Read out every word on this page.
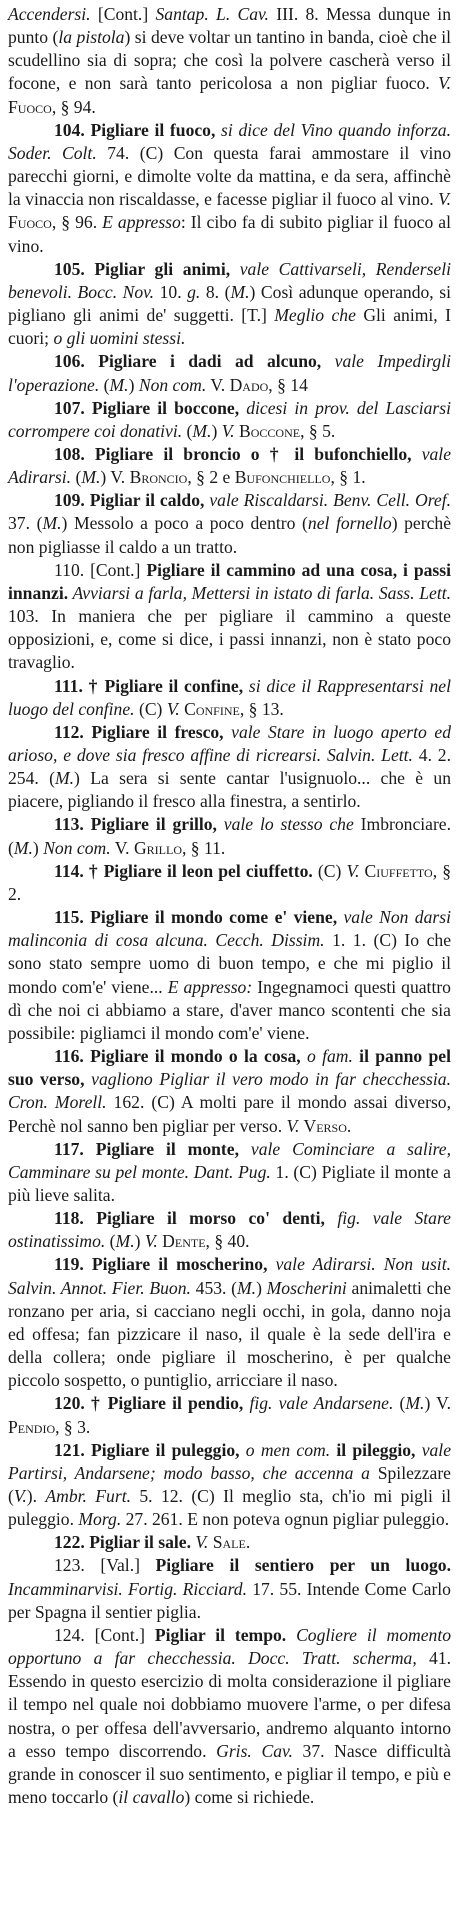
Accendersi. [Cont.] Santap. L. Cav. III. 8. Messa dunque in punto (la pistola) si deve voltar un tantino in banda, cioè che il scudellino sia di sopra; che così la polvere cascherà verso il focone, e non sarà tanto pericolosa a non pigliar fuoco. V. Fuoco, § 94.

104. Pigliare il fuoco, si dice del Vino quando inforza. Soder. Colt. 74. (C) Con questa farai ammostare il vino parecchi giorni, e dimolte volte da mattina, e da sera, affinchè la vinaccia non riscaldasse, e facesse pigliar il fuoco al vino. V. Fuoco, § 96. E appresso: Il cibo fa di subito pigliar il fuoco al vino.

105. Pigliar gli animi, vale Cattivarseli, Renderseli benevoli. Bocc. Nov. 10. g. 8. (M.) Così adunque operando, si pigliano gli animi de' suggetti. [T.] Meglio che Gli animi, I cuori; o gli uomini stessi.

106. Pigliare i dadi ad alcuno, vale Impedirgli l'operazione. (M.) Non com. V. Dado, § 14

107. Pigliare il boccone, dicesi in prov. del Lasciarsi corrompere coi donativi. (M.) V. Boccone, § 5.

108. Pigliare il broncio o † il bufonchiello, vale Adirarsi. (M.) V. Broncio, § 2 e Bufonchiello, § 1.

109. Pigliar il caldo, vale Riscaldarsi. Benv. Cell. Oref. 37. (M.) Messolo a poco a poco dentro (nel fornello) perchè non pigliasse il caldo a un tratto.

110. [Cont.] Pigliare il cammino ad una cosa, i passi innanzi. Avviarsi a farla, Mettersi in istato di farla. Sass. Lett. 103. In maniera che per pigliare il cammino a queste opposizioni, e, come si dice, i passi innanzi, non è stato poco travaglio.

111. † Pigliare il confine, si dice il Rappresentarsi nel luogo del confine. (C) V. Confine, § 13.

112. Pigliare il fresco, vale Stare in luogo aperto ed arioso, e dove sia fresco affine di ricrearsi. Salvin. Lett. 4. 2. 254. (M.) La sera si sente cantar l'usignuolo... che è un piacere, pigliando il fresco alla finestra, a sentirlo.

113. Pigliare il grillo, vale lo stesso che Imbronciare. (M.) Non com. V. Grillo, § 11.

114. † Pigliare il leon pel ciuffetto. (C) V. Ciuffetto, § 2.

115. Pigliare il mondo come e' viene, vale Non darsi malinconia di cosa alcuna. Cecch. Dissim. 1. 1. (C) Io che sono stato sempre uomo di buon tempo, e che mi piglio il mondo com'e' viene... E appresso: Ingegnamoci questi quattro dì che noi ci abbiamo a stare, d'aver manco scontenti che sia possibile: pigliamci il mondo com'e' viene.

116. Pigliare il mondo o la cosa, o fam. il panno pel suo verso, vagliono Pigliar il vero modo in far checchessia. Cron. Morell. 162. (C) A molti pare il mondo assai diverso, Perchè nol sanno ben pigliar per verso. V. Verso.

117. Pigliare il monte, vale Cominciare a salire, Camminare su pel monte. Dant. Pug. 1. (C) Pigliate il monte a più lieve salita.

118. Pigliare il morso co' denti, fig. vale Stare ostinatissimo. (M.) V. Dente, § 40.

119. Pigliare il moscherino, vale Adirarsi. Non usit. Salvin. Annot. Fier. Buon. 453. (M.) Moscherini animaletti che ronzano per aria, si cacciano negli occhi, in gola, danno noja ed offesa; fan pizzicare il naso, il quale è la sede dell'ira e della collera; onde pigliare il moscherino, è per qualche piccolo sospetto, o puntiglio, arricciare il naso.

120. † Pigliare il pendio, fig. vale Andarsene. (M.) V. Pendio, § 3.

121. Pigliare il puleggio, o men com. il pileggio, vale Partirsi, Andarsene; modo basso, che accenna a Spilezzare (V.). Ambr. Furt. 5. 12. (C) Il meglio sta, ch'io mi pigli il puleggio. Morg. 27. 261. E non poteva ognun pigliar puleggio.

122. Pigliar il sale. V. Sale.

123. [Val.] Pigliare il sentiero per un luogo. Incamminarvisi. Fortig. Ricciard. 17. 55. Intende Come Carlo per Spagna il sentier piglia.

124. [Cont.] Pigliar il tempo. Cogliere il momento opportuno a far checchessia. Docc. Tratt. scherma, 41. Essendo in questo esercizio di molta considerazione il pigliare il tempo nel quale noi dobbiamo muovere l'arme, o per difesa nostra, o per offesa dell'avversario, andremo alquanto intorno a esso tempo discorrendo. Gris. Cav. 37. Nasce difficultà grande in conoscer il suo sentimento, e pigliar il tempo, e più e meno toccarlo (il cavallo) come si richiede.
